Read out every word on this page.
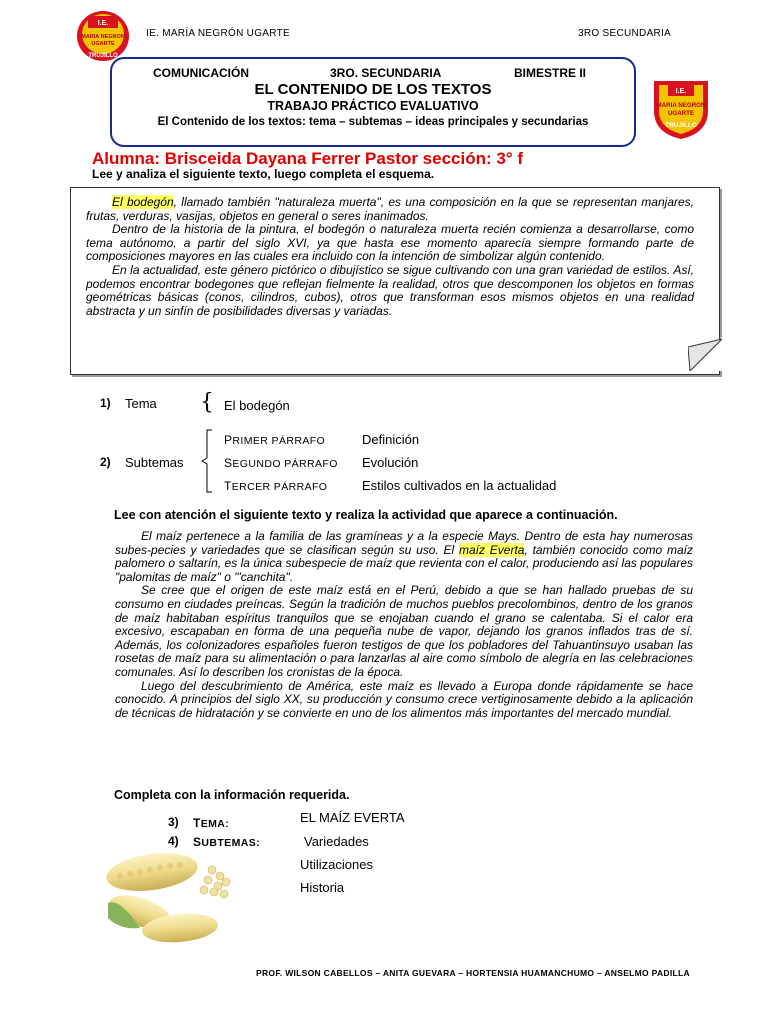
I.E.
MARIA NEGRON
UGARTE
TRUJILLO
IE. MARÍA NEGRÓN UGARTE	3RO SECUNDARIA
COMUNICACIÓN	3RO. SECUNDARIA	BIMESTRE II
EL CONTENIDO DE LOS TEXTOS
TRABAJO PRÁCTICO EVALUATIVO
El Contenido de los textos: tema – subtemas – ideas principales y secundarias
I.E.
MARIA NEGRON
UGARTE
TRUJILLO
Alumna: Brisceida Dayana Ferrer Pastor sección: 3° f
Lee y analiza el siguiente texto, luego completa el esquema.

El bodegón, llamado también "naturaleza muerta", es una composición en la que se representan manjares, frutas, verduras, vasijas, objetos en general o seres inanimados.

Dentro de la historia de la pintura, el bodegón o naturaleza muerta recién comienza a desarrollarse, como tema autónomo, a partir del siglo XVI, ya que hasta ese momento aparecía siempre formando parte de composiciones mayores en las cuales era incluido con la intención de simbolizar algún contenido.

En la actualidad, este género pictórico o dibujístico se sigue cultivando con una gran variedad de estilos. Así, podemos encontrar bodegones que reflejan fielmente la realidad, otros que descomponen los objetos en formas geométricas básicas (conos, cilindros, cubos), otros que transforman esos mismos objetos en una realidad abstracta y un sinfín de posibilidades diversas y variadas.

1) Tema { El bodegón
2) Subtemas
PRIMER PÁRRAFO	Definición
SEGUNDO PÁRRAFO Evolución
TERCER PÁRRAFO	Estilos cultivados en la actualidad
Lee con atención el siguiente texto y realiza la actividad que aparece a continuación.

El maíz pertenece a la familia de las gramíneas y a la especie Mays. Dentro de esta hay numerosas subes-pecies y variedades que se clasifican según su uso. El maíz Everta, también conocido como maíz palomero o saltarín, es la única subespecie de maíz que revienta con el calor, produciendo así las populares "palomitas de maíz" o "'canchita".

Se cree que el origen de este maíz está en el Perú, debido a que se han hallado pruebas de su consumo en ciudades preíncas. Según la tradición de muchos pueblos precolombinos, dentro de los granos de maíz habitaban espíritus tranquilos que se enojaban cuando el grano se calentaba. Si el calor era excesivo, escapaban en forma de una pequeña nube de vapor, dejando los granos inflados tras de sí. Además, los colonizadores españoles fueron testigos de que los pobladores del Tahuantinsuyo usaban las rosetas de maíz para su alimentación o para lanzarlas al aire como símbolo de alegría en las celebraciones comunales. Así lo describen los cronistas de la época.

Luego del descubrimiento de América, este maíz es llevado a Europa donde rápidamente se hace conocido. A principios del siglo XX, su producción y consumo crece vertiginosamente debido a la aplicación de técnicas de hidratación y se convierte en uno de los alimentos más importantes del mercado mundial.

Completa con la información requerida.
3) TEMA:	EL MAÍZ EVERTA
4) SUBTEMAS:	Variedades
Utilizaciones
Historia
PROF. WILSON CABELLOS – ANITA GUEVARA – HORTENSIA HUAMANCHUMO – ANSELMO PADILLA
